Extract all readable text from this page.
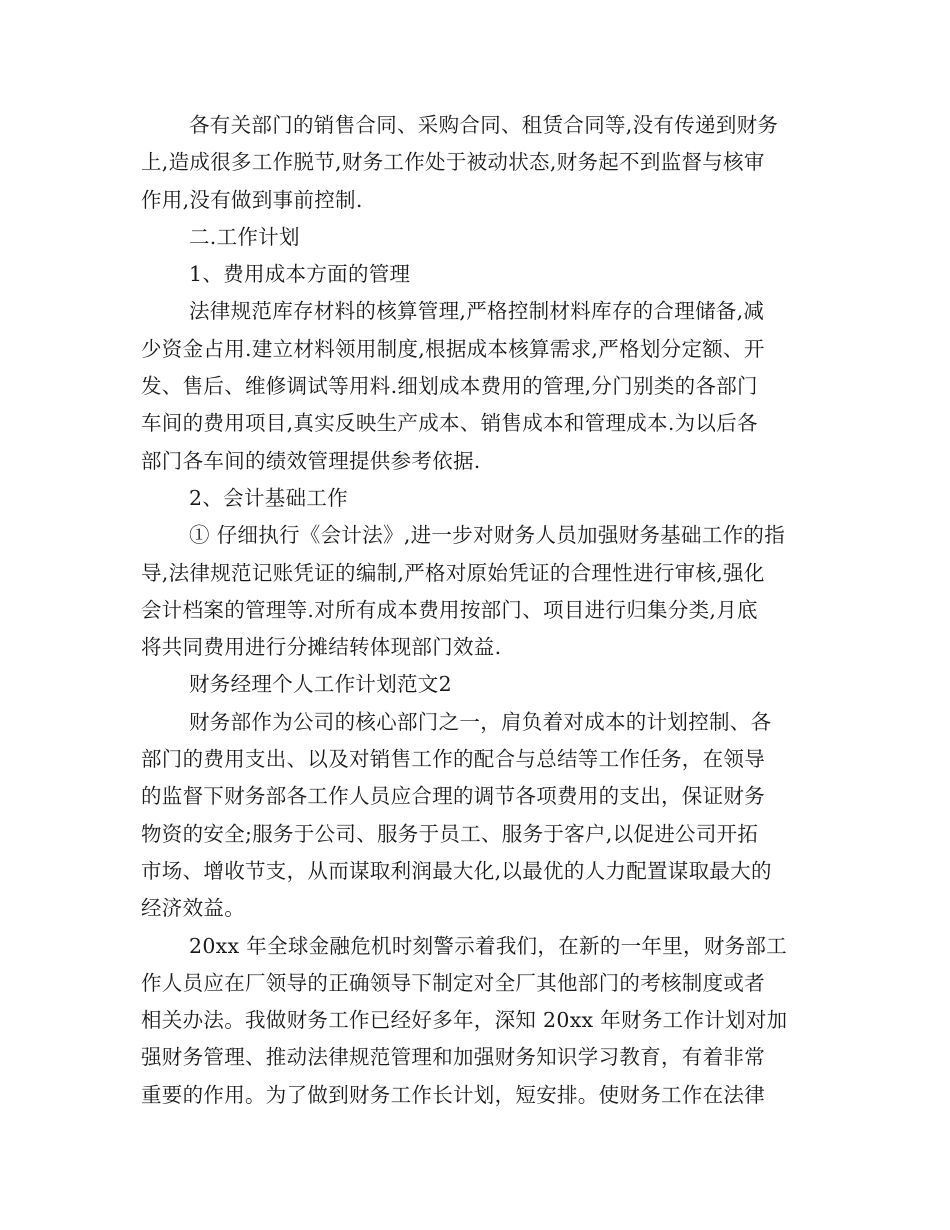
各有关部门的销售合同、采购合同、租赁合同等,没有传递到财务
上,造成很多工作脱节,财务工作处于被动状态,财务起不到监督与核审
作用,没有做到事前控制.
二.工作计划
1、费用成本方面的管理
法律规范库存材料的核算管理,严格控制材料库存的合理储备,减
少资金占用.建立材料领用制度,根据成本核算需求,严格划分定额、开
发、售后、维修调试等用料.细划成本费用的管理,分门别类的各部门
车间的费用项目,真实反映生产成本、销售成本和管理成本.为以后各
部门各车间的绩效管理提供参考依据.
2、会计基础工作
① 仔细执行《会计法》,进一步对财务人员加强财务基础工作的指
导,法律规范记账凭证的编制,严格对原始凭证的合理性进行审核,强化
会计档案的管理等.对所有成本费用按部门、项目进行归集分类,月底
将共同费用进行分摊结转体现部门效益.
财务经理个人工作计划范文2
财务部作为公司的核心部门之一，肩负着对成本的计划控制、各
部门的费用支出、以及对销售工作的配合与总结等工作任务，在领导
的监督下财务部各工作人员应合理的调节各项费用的支出，保证财务
物资的安全;服务于公司、服务于员工、服务于客户,以促进公司开拓
市场、增收节支，从而谋取利润最大化,以最优的人力配置谋取最大的
经济效益。
20xx 年全球金融危机时刻警示着我们，在新的一年里，财务部工
作人员应在厂领导的正确领导下制定对全厂其他部门的考核制度或者
相关办法。我做财务工作已经好多年，深知 20xx 年财务工作计划对加
强财务管理、推动法律规范管理和加强财务知识学习教育，有着非常
重要的作用。为了做到财务工作长计划，短安排。使财务工作在法律
